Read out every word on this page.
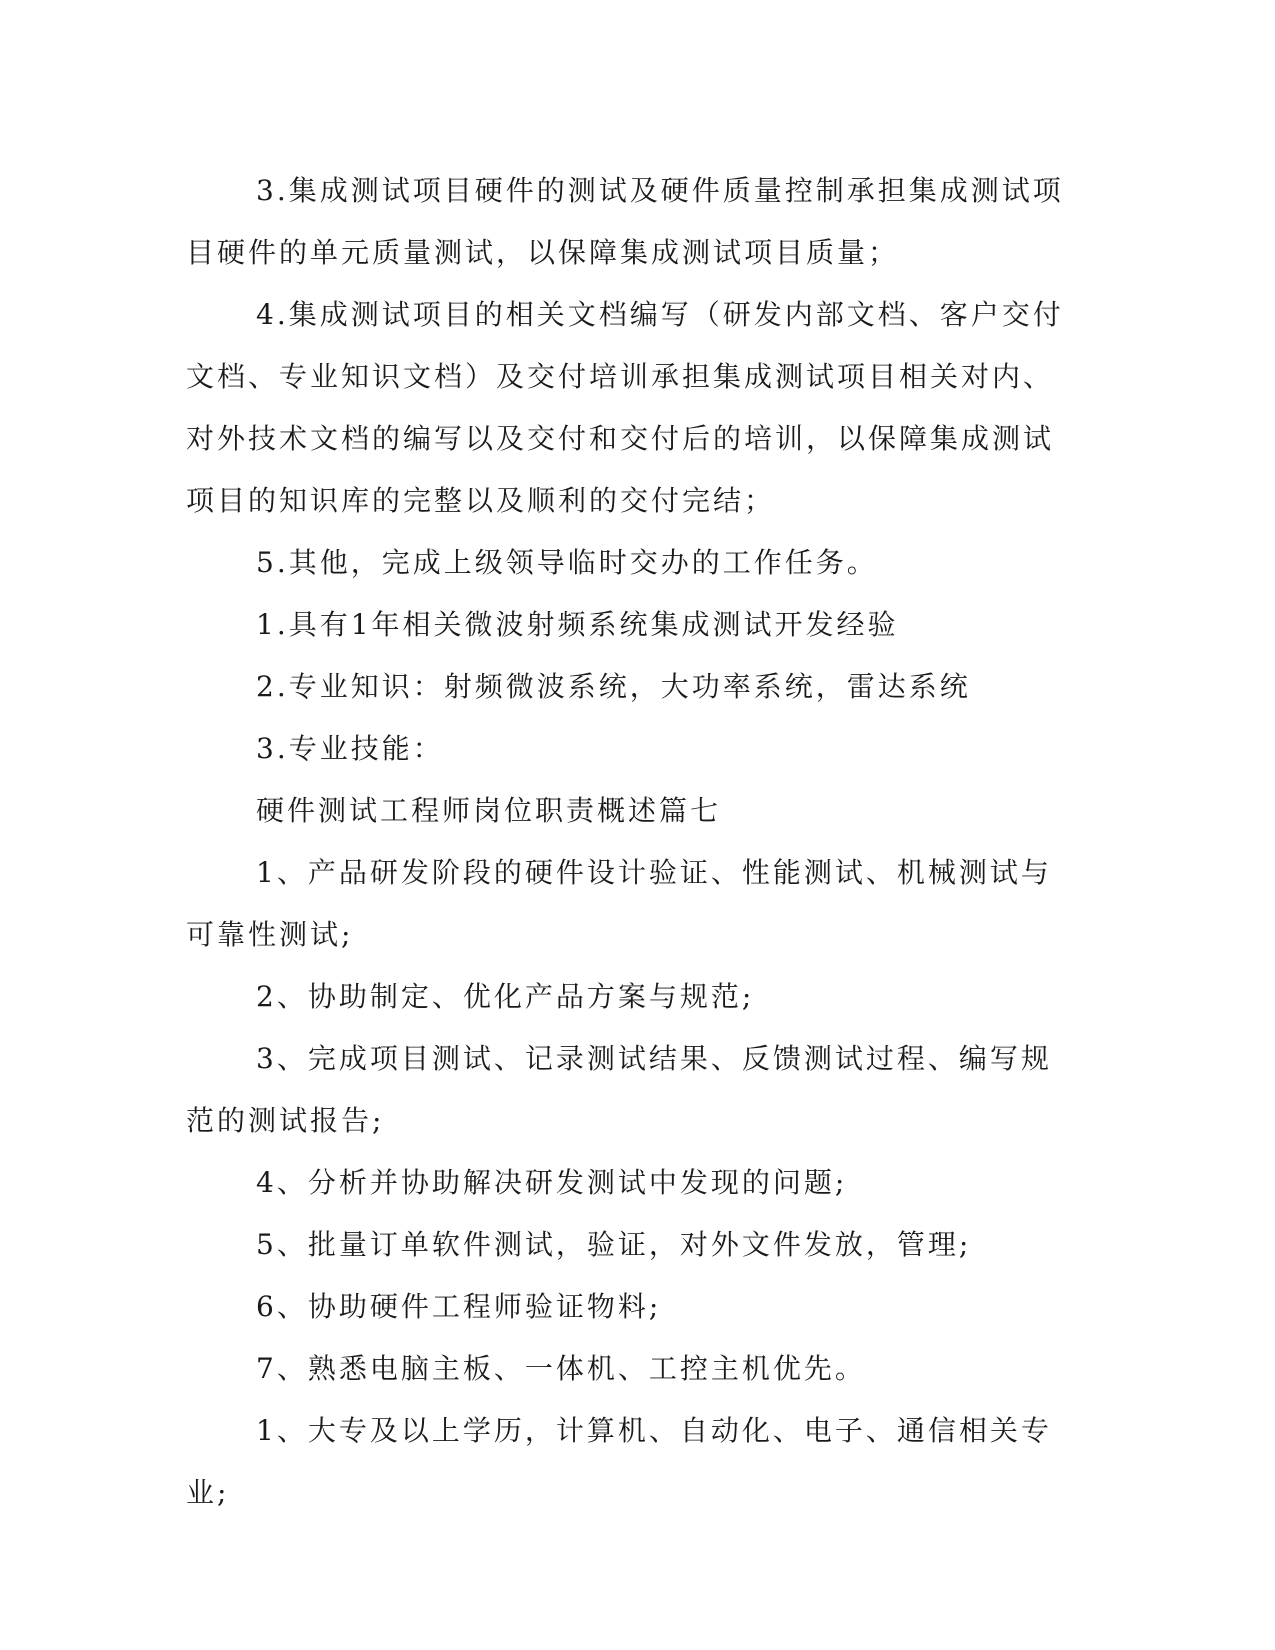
3.集成测试项目硬件的测试及硬件质量控制承担集成测试项目硬件的单元质量测试，以保障集成测试项目质量；

4.集成测试项目的相关文档编写（研发内部文档、客户交付文档、专业知识文档）及交付培训承担集成测试项目相关对内、对外技术文档的编写以及交付和交付后的培训，以保障集成测试项目的知识库的完整以及顺利的交付完结；

5.其他，完成上级领导临时交办的工作任务。

1.具有1年相关微波射频系统集成测试开发经验

2.专业知识：射频微波系统，大功率系统，雷达系统

3.专业技能：

硬件测试工程师岗位职责概述篇七

1、产品研发阶段的硬件设计验证、性能测试、机械测试与可靠性测试;

2、协助制定、优化产品方案与规范;

3、完成项目测试、记录测试结果、反馈测试过程、编写规范的测试报告;

4、分析并协助解决研发测试中发现的问题;

5、批量订单软件测试，验证，对外文件发放，管理;

6、协助硬件工程师验证物料;

7、熟悉电脑主板、一体机、工控主机优先。

1、大专及以上学历，计算机、自动化、电子、通信相关专业;
